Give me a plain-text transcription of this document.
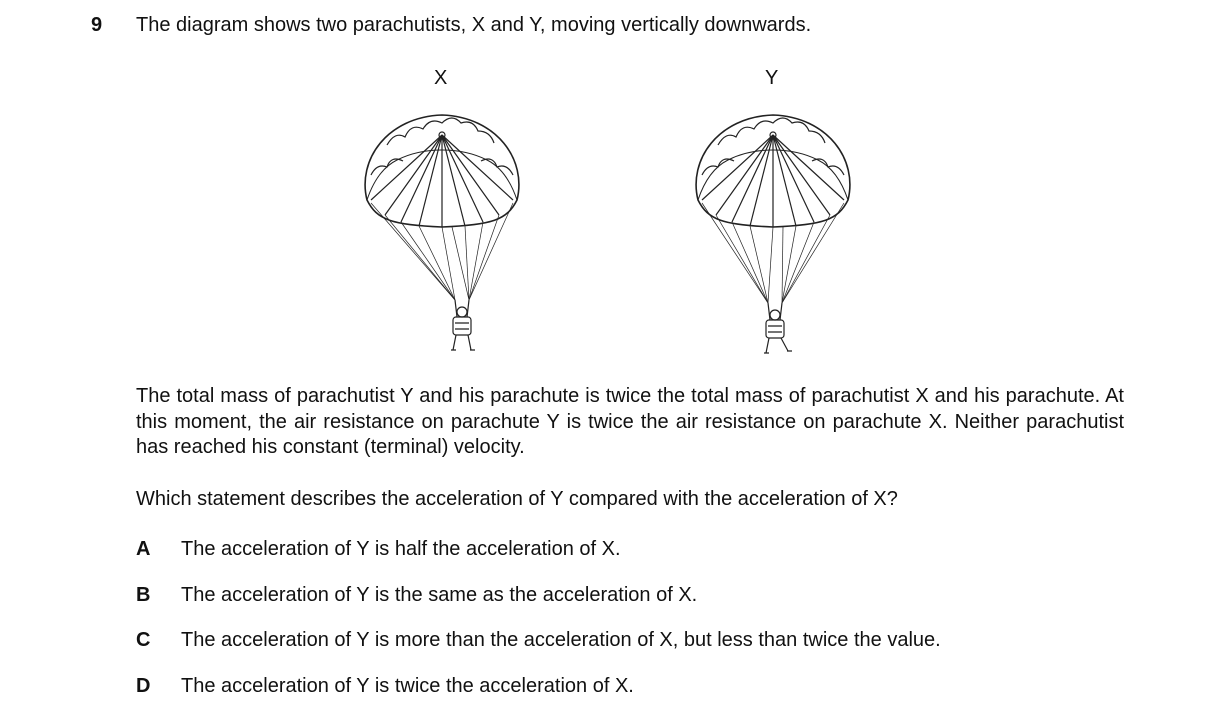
9 The diagram shows two parachutists, X and Y, moving vertically downwards.
X	Y
The total mass of parachutist Y and his parachute is twice the total mass of parachutist X and his parachute. At this moment, the air resistance on parachute Y is twice the air resistance on parachute X. Neither parachutist has reached his constant (terminal) velocity.
Which statement describes the acceleration of Y compared with the acceleration of X?
A The acceleration of Y is half the acceleration of X.
B The acceleration of Y is the same as the acceleration of X.
C The acceleration of Y is more than the acceleration of X, but less than twice the value.
D The acceleration of Y is twice the acceleration of X.
